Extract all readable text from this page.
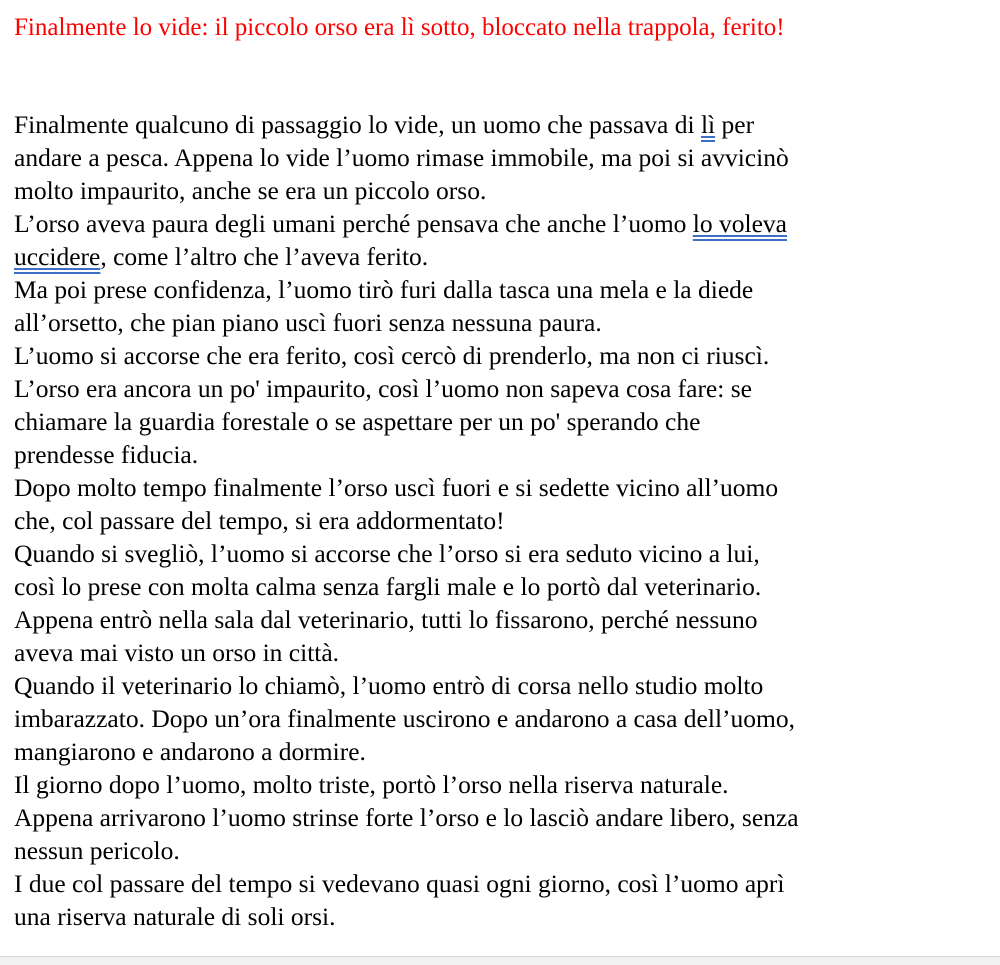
Finalmente lo vide: il piccolo orso era lì sotto, bloccato nella trappola, ferito!
Finalmente qualcuno di passaggio lo vide, un uomo che passava di lì per
andare a pesca. Appena lo vide l’uomo rimase immobile, ma poi si avvicinò
molto impaurito, anche se era un piccolo orso.
L’orso aveva paura degli umani perché pensava che anche l’uomo lo voleva
uccidere, come l’altro che l’aveva ferito.
Ma poi prese confidenza, l’uomo tirò furi dalla tasca una mela e la diede
all’orsetto, che pian piano uscì fuori senza nessuna paura.
L’uomo si accorse che era ferito, così cercò di prenderlo, ma non ci riuscì.
L’orso era ancora un po' impaurito, così l’uomo non sapeva cosa fare: se
chiamare la guardia forestale o se aspettare per un po' sperando che
prendesse fiducia.
Dopo molto tempo finalmente l’orso uscì fuori e si sedette vicino all’uomo
che, col passare del tempo, si era addormentato!
Quando si svegliò, l’uomo si accorse che l’orso si era seduto vicino a lui,
così lo prese con molta calma senza fargli male e lo portò dal veterinario.
Appena entrò nella sala dal veterinario, tutti lo fissarono, perché nessuno
aveva mai visto un orso in città.
Quando il veterinario lo chiamò, l’uomo entrò di corsa nello studio molto
imbarazzato. Dopo un’ora finalmente uscirono e andarono a casa dell’uomo,
mangiarono e andarono a dormire.
Il giorno dopo l’uomo, molto triste, portò l’orso nella riserva naturale.
Appena arrivarono l’uomo strinse forte l’orso e lo lasciò andare libero, senza
nessun pericolo.
I due col passare del tempo si vedevano quasi ogni giorno, così l’uomo aprì
una riserva naturale di soli orsi.
